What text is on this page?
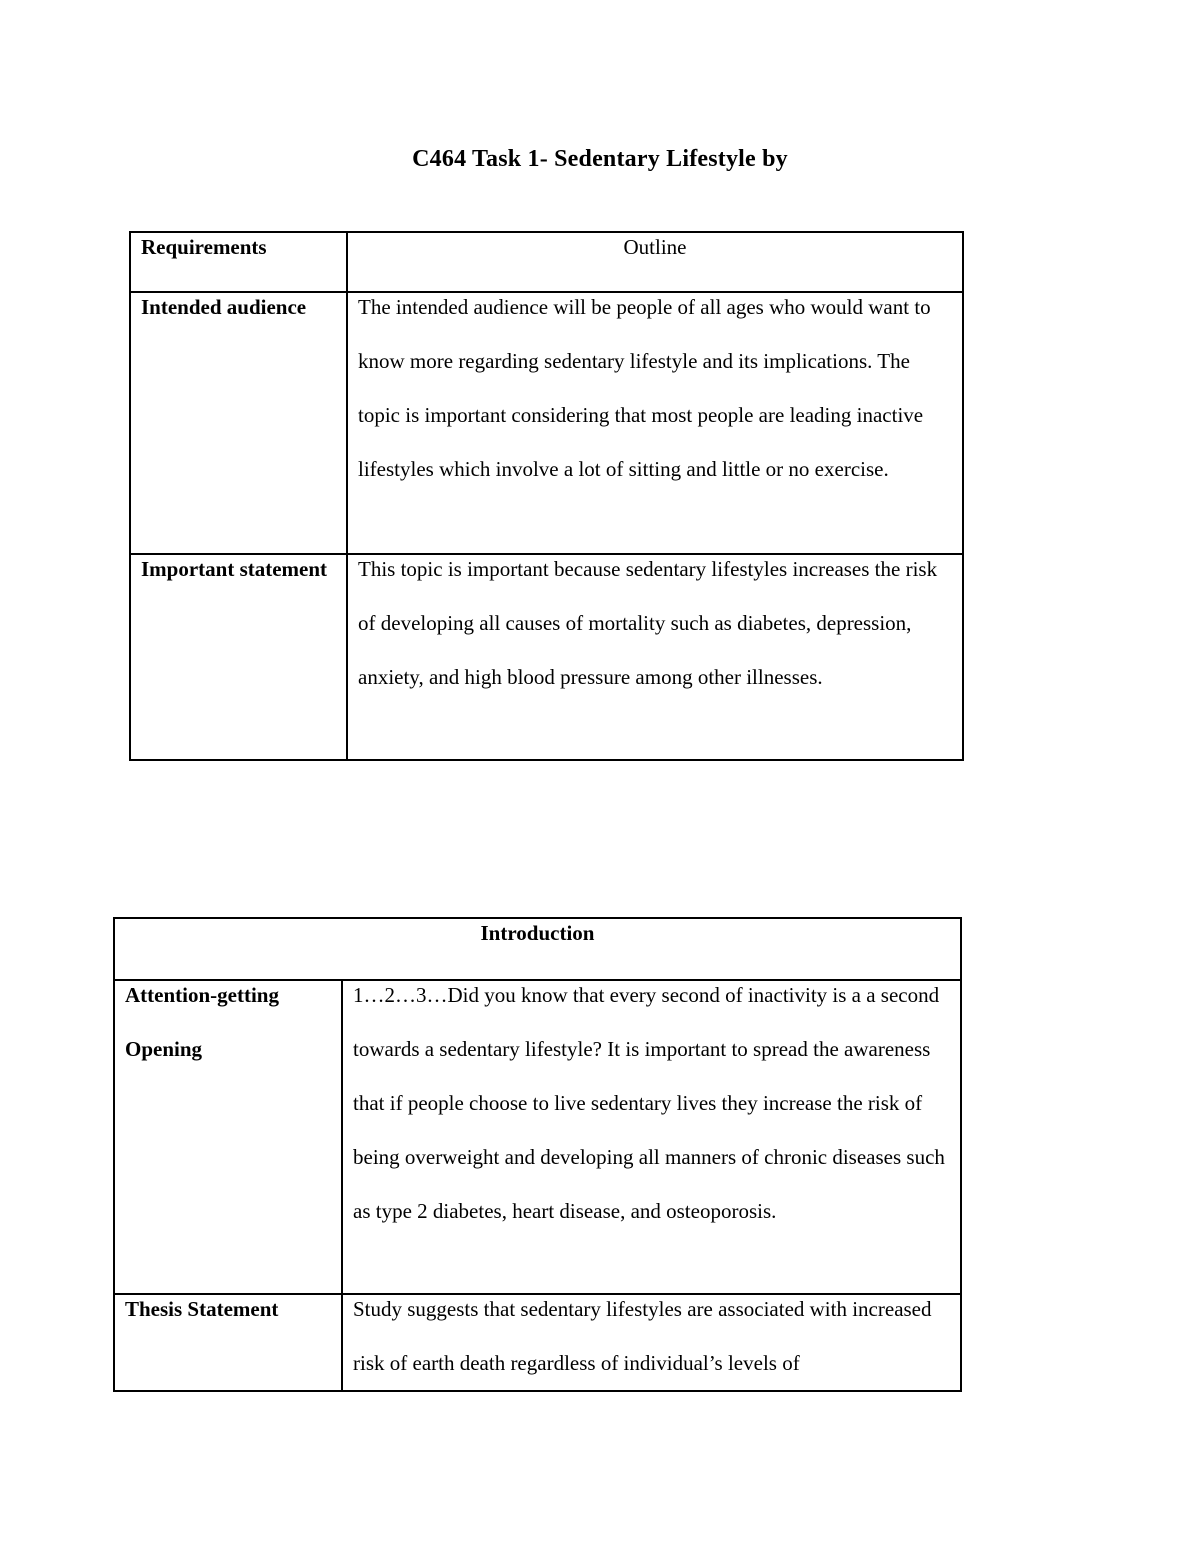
C464 Task 1- Sedentary Lifestyle by
Requirements	Outline

Intended audience	The intended audience will be people of all ages who would want to know more regarding sedentary lifestyle and its implications. The topic is important considering that most people are leading inactive lifestyles which involve a lot of sitting and little or no exercise.

Important statement	This topic is important because sedentary lifestyles increases the risk of developing all causes of mortality such as diabetes, depression, anxiety, and high blood pressure among other illnesses.
Introduction	

Attention-getting Opening	1…2…3…Did you know that every second of inactivity is a a second towards a sedentary lifestyle? It is important to spread the awareness that if people choose to live sedentary lives they increase the risk of being overweight and developing all manners of chronic diseases such as type 2 diabetes, heart disease, and osteoporosis.

Thesis Statement	Study suggests that sedentary lifestyles are associated with increased risk of earth death regardless of individual’s levels of
